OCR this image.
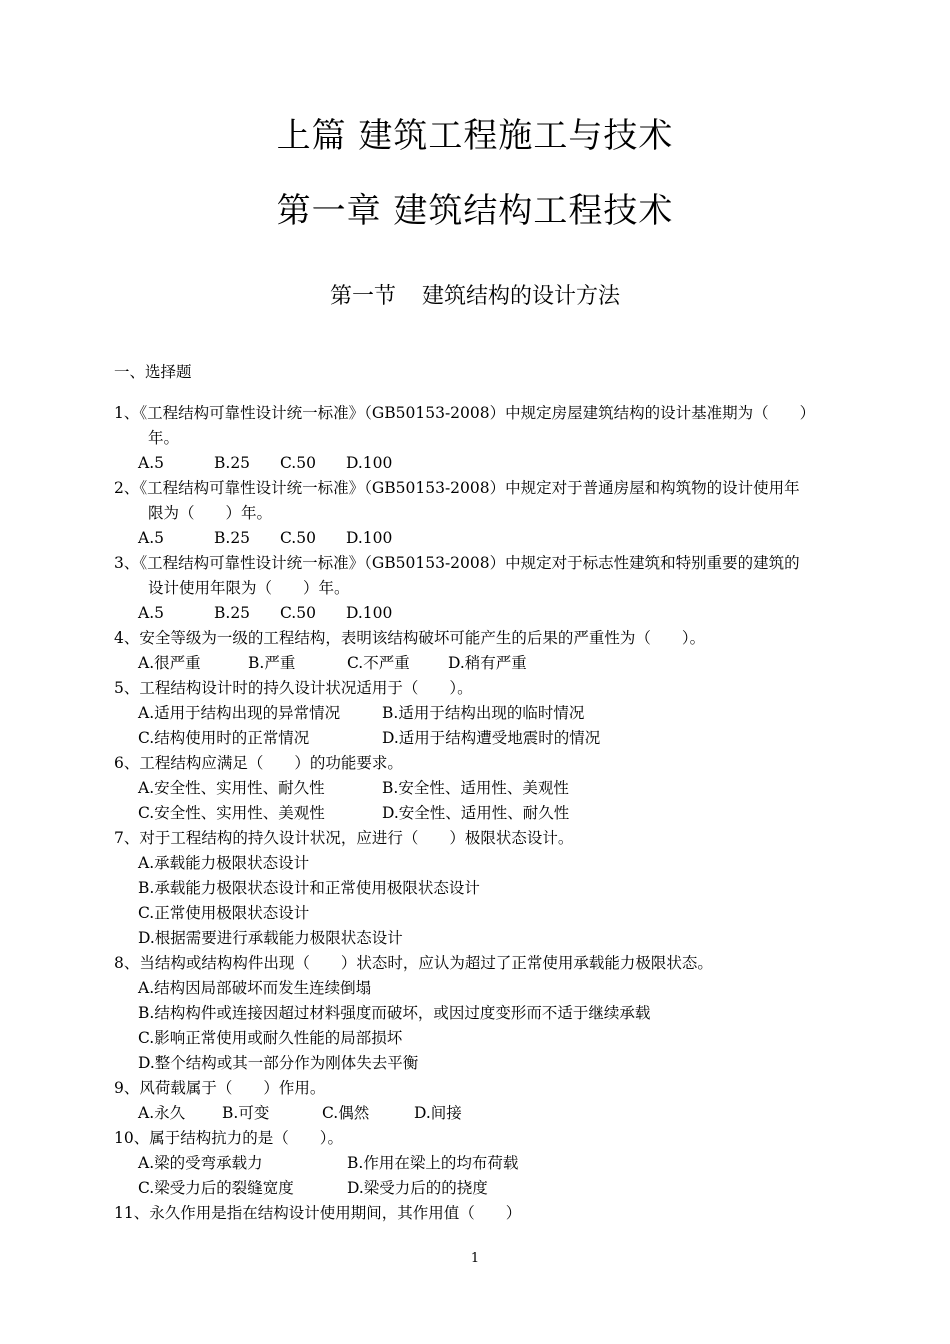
上篇 建筑工程施工与技术
第一章 建筑结构工程技术
第一节 建筑结构的设计方法
一、选择题
1、《工程结构可靠性设计统一标准》（GB50153-2008）中规定房屋建筑结构的设计基准期为（　　）
年。
A.5	B.25 C.50 D.100
2、《工程结构可靠性设计统一标准》（GB50153-2008）中规定对于普通房屋和构筑物的设计使用年
限为（　　）年。
A.5	B.25 C.50 D.100
3、《工程结构可靠性设计统一标准》（GB50153-2008）中规定对于标志性建筑和特别重要的建筑的
设计使用年限为（　　）年。
A.5	B.25 C.50 D.100
4、安全等级为一级的工程结构，表明该结构破坏可能产生的后果的严重性为（　　）。
A.很严重	B.严重	C.不严重 D.稍有严重
5、工程结构设计时的持久设计状况适用于（　　）。
A.适用于结构出现的异常情况	B.适用于结构出现的临时情况
C.结构使用时的正常情况	D.适用于结构遭受地震时的情况
6、工程结构应满足（　　）的功能要求。
A.安全性、实用性、耐久性	B.安全性、适用性、美观性
C.安全性、实用性、美观性	D.安全性、适用性、耐久性
7、对于工程结构的持久设计状况，应进行（　　）极限状态设计。
A.承载能力极限状态设计
B.承载能力极限状态设计和正常使用极限状态设计
C.正常使用极限状态设计
D.根据需要进行承载能力极限状态设计
8、当结构或结构构件出现（　　）状态时，应认为超过了正常使用承载能力极限状态。
A.结构因局部破坏而发生连续倒塌
B.结构构件或连接因超过材料强度而破坏，或因过度变形而不适于继续承载
C.影响正常使用或耐久性能的局部损坏
D.整个结构或其一部分作为刚体失去平衡
9、风荷载属于（　　）作用。
A.永久 B.可变	C.偶然	D.间接
10、属于结构抗力的是（　　）。
A.梁的受弯承载力	B.作用在梁上的均布荷载
C.梁受力后的裂缝宽度	D.梁受力后的的挠度
11、永久作用是指在结构设计使用期间，其作用值（　　）
1
